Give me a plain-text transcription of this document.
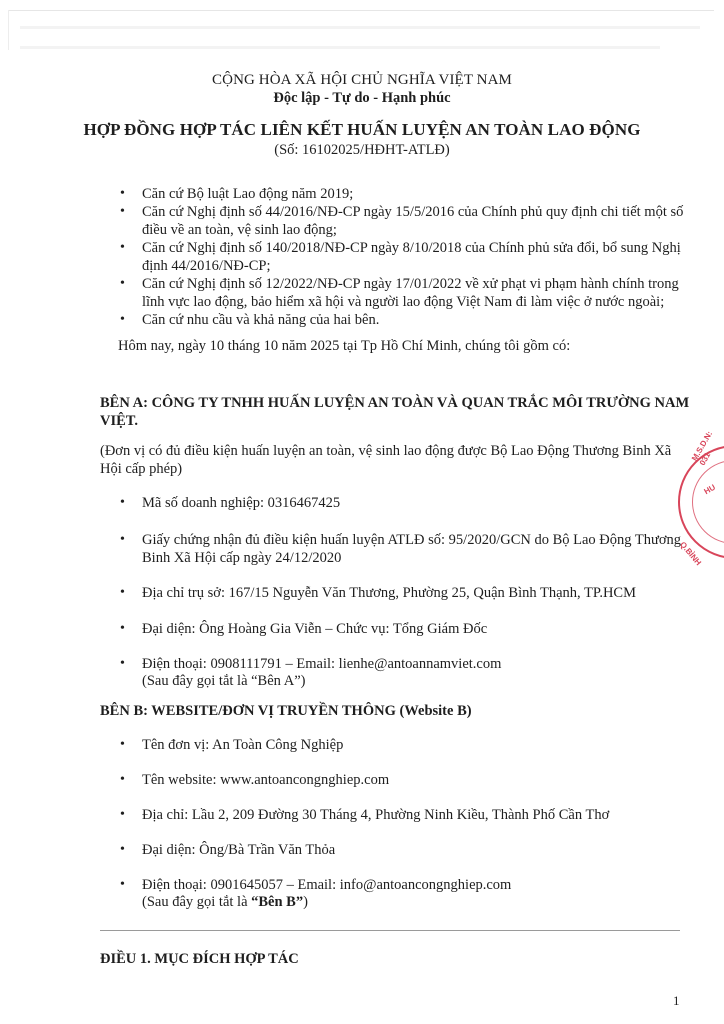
CỘNG HÒA XÃ HỘI CHỦ NGHĨA VIỆT NAM
Độc lập - Tự do - Hạnh phúc
HỢP ĐỒNG HỢP TÁC LIÊN KẾT HUẤN LUYỆN AN TOÀN LAO ĐỘNG
(Số: 16102025/HĐHT-ATLĐ)
• Căn cứ Bộ luật Lao động năm 2019;
• Căn cứ Nghị định số 44/2016/NĐ-CP ngày 15/5/2016 của Chính phủ quy định chi tiết một số
điều về an toàn, vệ sinh lao động;
• Căn cứ Nghị định số 140/2018/NĐ-CP ngày 8/10/2018 của Chính phủ sửa đổi, bổ sung Nghị
định 44/2016/NĐ-CP;
• Căn cứ Nghị định số 12/2022/NĐ-CP ngày 17/01/2022 về xử phạt vi phạm hành chính trong
lĩnh vực lao động, bảo hiểm xã hội và người lao động Việt Nam đi làm việc ở nước ngoài;
• Căn cứ nhu cầu và khả năng của hai bên.
Hôm nay, ngày 10 tháng 10 năm 2025 tại Tp Hồ Chí Minh, chúng tôi gồm có:
BÊN A: CÔNG TY TNHH HUẤN LUYỆN AN TOÀN VÀ QUAN TRẮC MÔI TRƯỜNG NAM
VIỆT.
(Đơn vị có đủ điều kiện huấn luyện an toàn, vệ sinh lao động được Bộ Lao Động Thương Binh Xã
Hội cấp phép)
• Mã số doanh nghiệp: 0316467425
• Giấy chứng nhận đủ điều kiện huấn luyện ATLĐ số: 95/2020/GCN do Bộ Lao Động Thương
Binh Xã Hội cấp ngày 24/12/2020
• Địa chỉ trụ sở: 167/15 Nguyễn Văn Thương, Phường 25, Quận Bình Thạnh, TP.HCM
• Đại diện: Ông Hoàng Gia Viễn – Chức vụ: Tổng Giám Đốc
• Điện thoại: 0908111791 – Email: lienhe@antoannamviet.com
(Sau đây gọi tắt là “Bên A”)
BÊN B: WEBSITE/ĐƠN VỊ TRUYỀN THÔNG (Website B)
• Tên đơn vị: An Toàn Công Nghiệp
• Tên website: www.antoancongnghiep.com
• Địa chỉ: Lầu 2, 209 Đường 30 Tháng 4, Phường Ninh Kiều, Thành Phố Cần Thơ
• Đại diện: Ông/Bà Trần Văn Thỏa
• Điện thoại: 0901645057 – Email: info@antoancongnghiep.com
(Sau đây gọi tắt là “Bên B”)
ĐIỀU 1. MỤC ĐÍCH HỢP TÁC
1
M.S.D.N: 031
HU
Q.BÌNH
